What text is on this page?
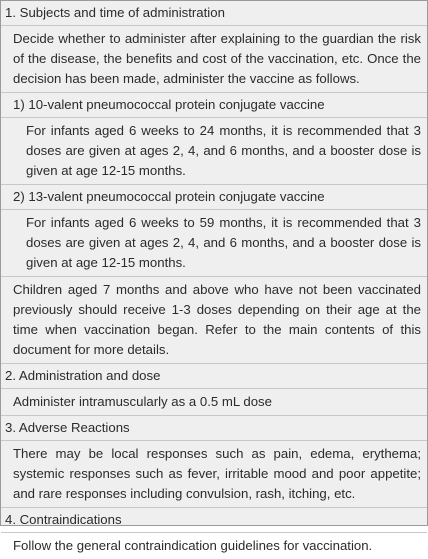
1. Subjects and time of administration

Decide whether to administer after explaining to the guardian the risk of the disease, the benefits and cost of the vaccination, etc. Once the decision has been made, administer the vaccine as follows.

1) 10-valent pneumococcal protein conjugate vaccine

For infants aged 6 weeks to 24 months, it is recommended that 3 doses are given at ages 2, 4, and 6 months, and a booster dose is given at age 12-15 months.

2) 13-valent pneumococcal protein conjugate vaccine

For infants aged 6 weeks to 59 months, it is recommended that 3 doses are given at ages 2, 4, and 6 months, and a booster dose is given at age 12-15 months.

Children aged 7 months and above who have not been vaccinated previously should receive 1-3 doses depending on their age at the time when vaccination began. Refer to the main contents of this document for more details.

2. Administration and dose

Administer intramuscularly as a 0.5 mL dose

3. Adverse Reactions

There may be local responses such as pain, edema, erythema; systemic responses such as fever, irritable mood and poor appetite; and rare responses including convulsion, rash, itching, etc.

4. Contraindications

Follow the general contraindication guidelines for vaccination.
